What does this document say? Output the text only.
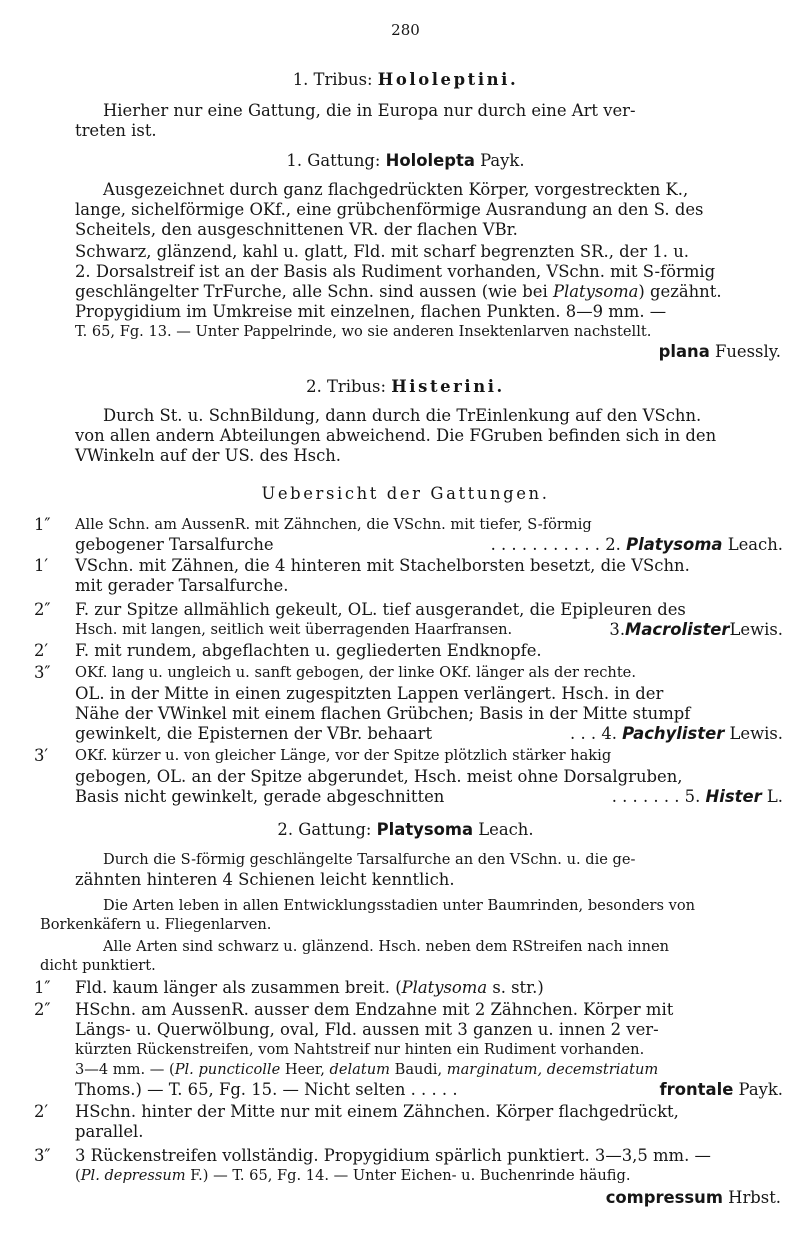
280
1. Tribus: Hololeptini.
Hierher nur eine Gattung, die in Europa nur durch eine Art ver-
treten ist.
1. Gattung: Hololepta Payk.
Ausgezeichnet durch ganz flachgedrückten Körper, vorgestreckten K.,
lange, sichelförmige OKf., eine grübchenförmige Ausrandung an den S. des
Scheitels, den ausgeschnittenen VR. der flachen VBr.
Schwarz, glänzend, kahl u. glatt, Fld. mit scharf begrenzten SR., der 1. u.
2. Dorsalstreif ist an der Basis als Rudiment vorhanden, VSchn. mit S-förmig
geschlängelter TrFurche, alle Schn. sind aussen (wie bei Platysoma) gezähnt.
Propygidium im Umkreise mit einzelnen, flachen Punkten. 8—9 mm. —
T. 65, Fg. 13. — Unter Pappelrinde, wo sie anderen Insektenlarven nachstellt.
plana Fuessly.
2. Tribus: Histerini.
Durch St. u. SchnBildung, dann durch die TrEinlenkung auf den VSchn.
von allen andern Abteilungen abweichend. Die FGruben befinden sich in den
VWinkeln auf der US. des Hsch.
Uebersicht der Gattungen.
1″ Alle Schn. am AussenR. mit Zähnchen, die VSchn. mit tiefer, S-förmig
gebogener Tarsalfurche	. . . . . . . . . . . 2. Platysoma Leach.
1′ VSchn. mit Zähnen, die 4 hinteren mit Stachelborsten besetzt, die VSchn.
mit gerader Tarsalfurche.
2″ F. zur Spitze allmählich gekeult, OL. tief ausgerandet, die Epipleuren des
Hsch. mit langen, seitlich weit überragenden Haarfransen.	3.MacrolisterLewis.
2′ F. mit rundem, abgeflachten u. gegliederten Endknopfe.
3″ OKf. lang u. ungleich u. sanft gebogen, der linke OKf. länger als der rechte.
OL. in der Mitte in einen zugespitzten Lappen verlängert. Hsch. in der
Nähe der VWinkel mit einem flachen Grübchen; Basis in der Mitte stumpf
gewinkelt, die Episternen der VBr. behaart	. . . 4. Pachylister Lewis.
3′ OKf. kürzer u. von gleicher Länge, vor der Spitze plötzlich stärker hakig
gebogen, OL. an der Spitze abgerundet, Hsch. meist ohne Dorsalgruben,
Basis nicht gewinkelt, gerade abgeschnitten	. . . . . . . 5. Hister L.
2. Gattung: Platysoma Leach.
Durch die S-förmig geschlängelte Tarsalfurche an den VSchn. u. die ge-
zähnten hinteren 4 Schienen leicht kenntlich.
Die Arten leben in allen Entwicklungsstadien unter Baumrinden, besonders von
Borkenkäfern u. Fliegenlarven.
Alle Arten sind schwarz u. glänzend. Hsch. neben dem RStreifen nach innen
dicht punktiert.
1″ Fld. kaum länger als zusammen breit. (Platysoma s. str.)
2″ HSchn. am AussenR. ausser dem Endzahne mit 2 Zähnchen. Körper mit
Längs- u. Querwölbung, oval, Fld. aussen mit 3 ganzen u. innen 2 ver-
kürzten Rückenstreifen, vom Nahtstreif nur hinten ein Rudiment vorhanden.
3—4 mm. — (Pl. puncticolle Heer, delatum Baudi, marginatum, decemstriatum
Thoms.) — T. 65, Fg. 15. — Nicht selten . . . . .	frontale Payk.
2′ HSchn. hinter der Mitte nur mit einem Zähnchen. Körper flachgedrückt,
parallel.
3″ 3 Rückenstreifen vollständig. Propygidium spärlich punktiert. 3—3,5 mm. —
(Pl. depressum F.) — T. 65, Fg. 14. — Unter Eichen- u. Buchenrinde häufig.
compressum Hrbst.
